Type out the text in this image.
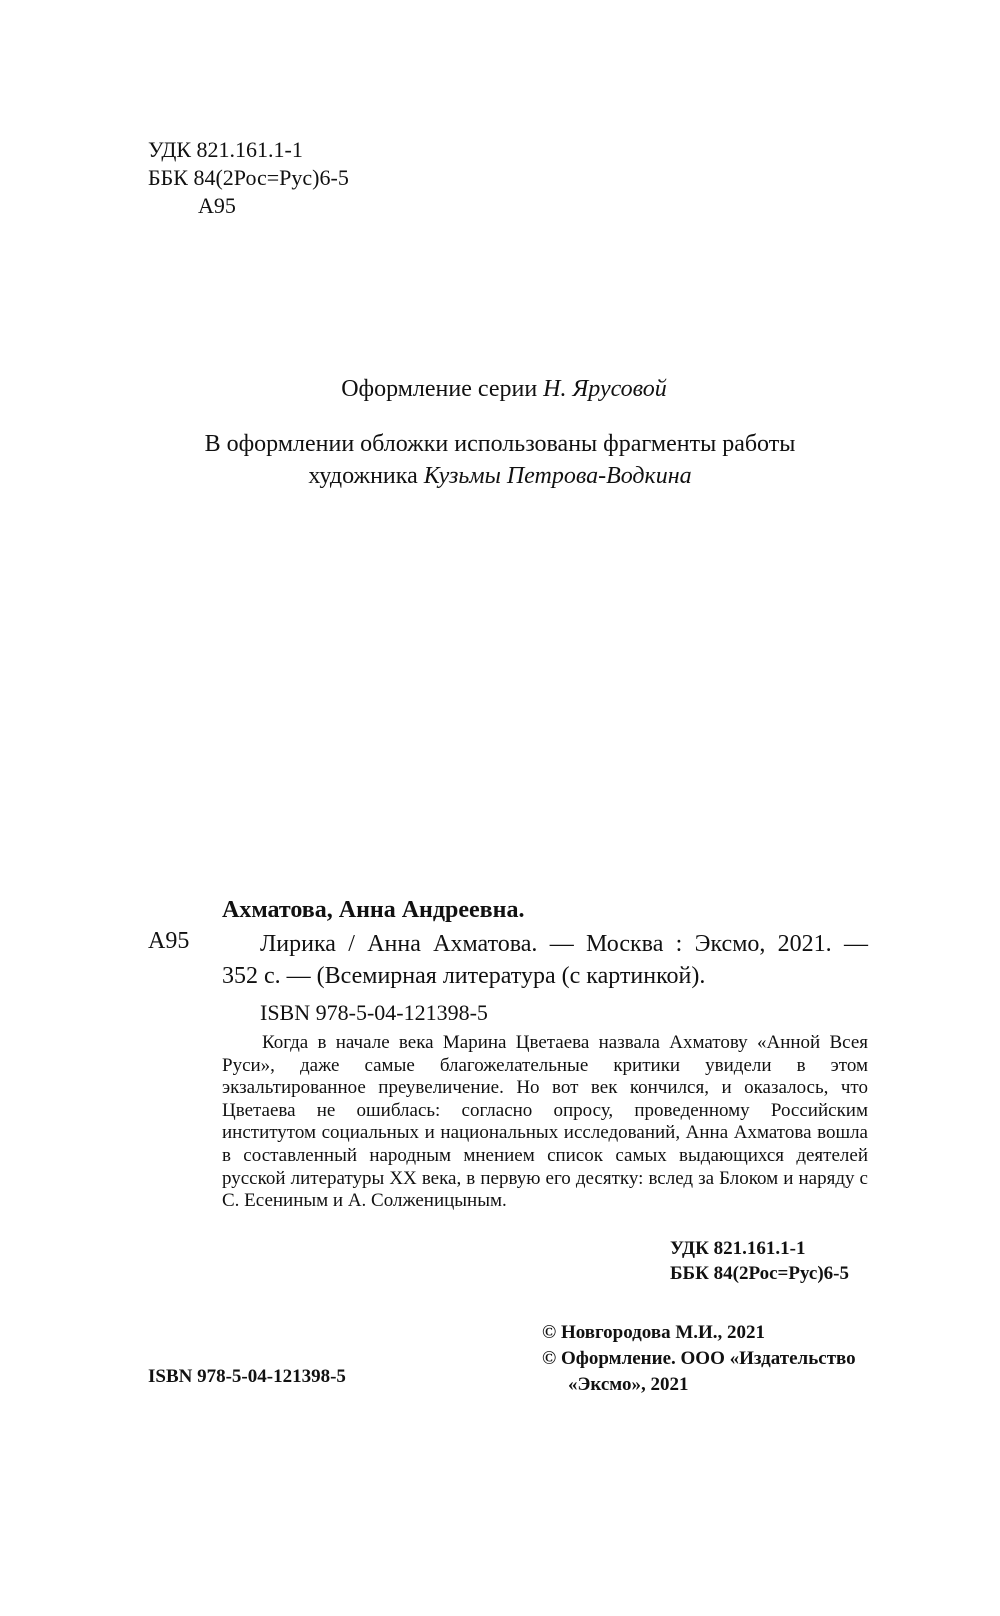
УДК 821.161.1-1
ББК 84(2Рос=Рус)6-5
А95
Оформление серии Н. Ярусовой
В оформлении обложки использованы фрагменты работы
художника Кузьмы Петрова-Водкина
Ахматова, Анна Андреевна.
А95	Лирика / Анна Ахматова. — Москва : Эксмо, 2021. —
352 с. — (Всемирная литература (с картинкой).
ISBN 978-5-04-121398-5
Когда в начале века Марина Цветаева назвала Ахматову «Анной Всея Руси», даже самые благожелательные критики увидели в этом экзальтированное преувеличение. Но вот век кончился, и оказалось, что Цветаева не ошиблась: согласно опросу, проведенному Российским институтом социальных и национальных исследований, Анна Ахматова вошла в составленный народным мнением список самых выдающихся деятелей русской литературы XX века, в первую его десятку: вслед за Блоком и наряду с С. Есениным и А. Солженицыным.
УДК 821.161.1-1
ББК 84(2Рос=Рус)6-5
© Новгородова М.И., 2021
© Оформление. ООО «Издательство
«Эксмо», 2021
ISBN 978-5-04-121398-5
